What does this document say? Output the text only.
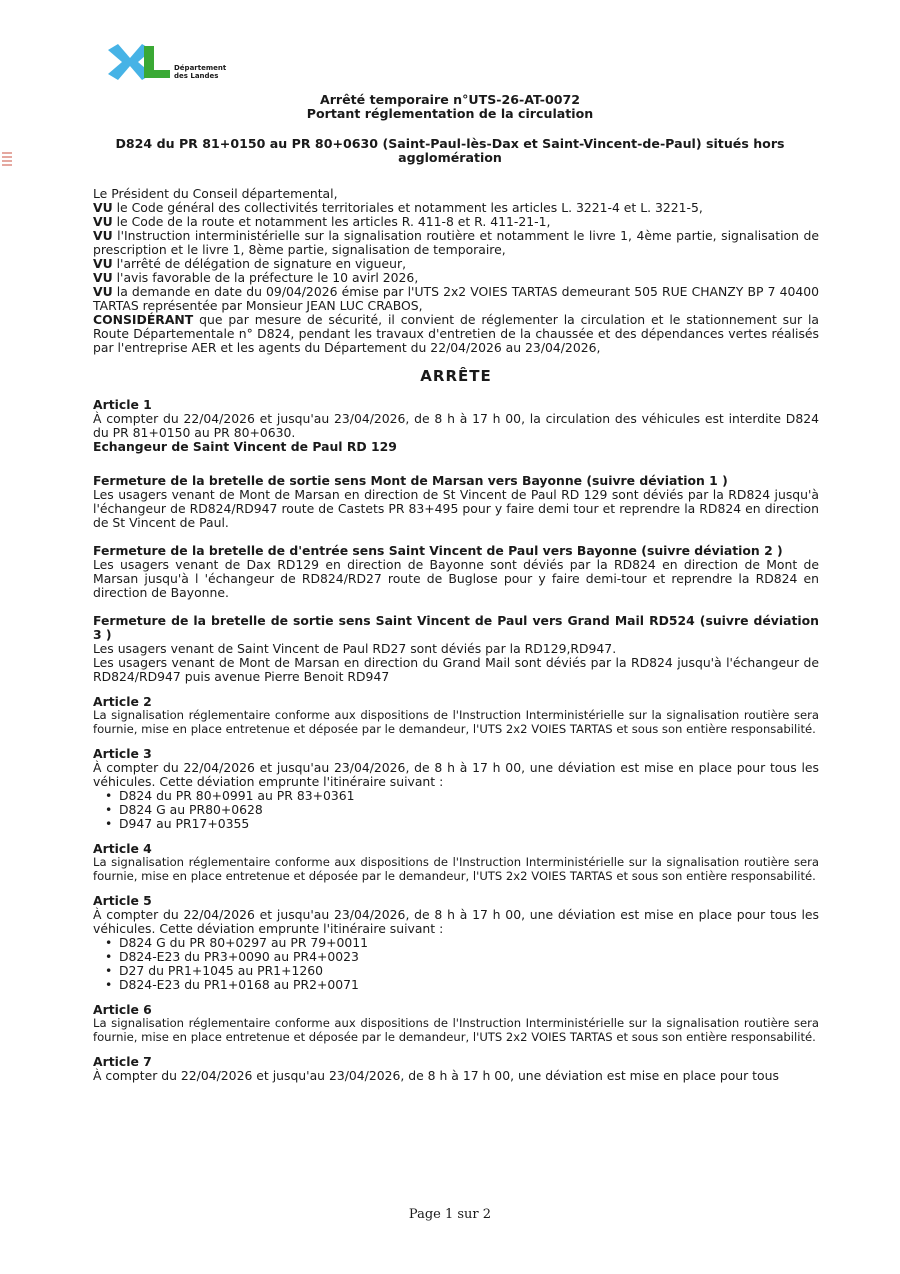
Département
des Landes
Arrêté temporaire n°UTS-26-AT-0072
Portant réglementation de la circulation
D824 du PR 81+0150 au PR 80+0630 (Saint-Paul-lès-Dax et Saint-Vincent-de-Paul) situés hors
agglomération
Le Président du Conseil départemental,
VU le Code général des collectivités territoriales et notamment les articles L. 3221-4 et L. 3221-5,
VU le Code de la route et notamment les articles R. 411-8 et R. 411-21-1,
VU l'Instruction interministérielle sur la signalisation routière et notamment le livre 1, 4ème partie, signalisation de prescription et le livre 1, 8ème partie, signalisation de temporaire,
VU l'arrêté de délégation de signature en vigueur,
VU l'avis favorable de la préfecture le 10 avirl 2026,
VU la demande en date du 09/04/2026 émise par l'UTS 2x2 VOIES TARTAS demeurant 505 RUE CHANZY BP 7 40400 TARTAS représentée par Monsieur JEAN LUC CRABOS,
CONSIDÉRANT que par mesure de sécurité, il convient de réglementer la circulation et le stationnement sur la Route Départementale n° D824, pendant les travaux d'entretien de la chaussée et des dépendances vertes réalisés par l'entreprise AER et les agents du Département du 22/04/2026 au 23/04/2026,
ARRÊTE
Article 1
À compter du 22/04/2026 et jusqu'au 23/04/2026, de 8 h à 17 h 00, la circulation des véhicules est interdite D824 du PR 81+0150 au PR 80+0630.
Echangeur de Saint Vincent de Paul RD 129
Fermeture de la bretelle de sortie sens Mont de Marsan vers Bayonne (suivre déviation 1 )
Les usagers venant de Mont de Marsan en direction de St Vincent de Paul RD 129 sont déviés par la RD824 jusqu'à l'échangeur de RD824/RD947 route de Castets PR 83+495 pour y faire demi tour et reprendre la RD824 en direction de St Vincent de Paul.
Fermeture de la bretelle de d'entrée sens Saint Vincent de Paul vers Bayonne (suivre déviation 2 )
Les usagers venant de Dax RD129 en direction de Bayonne sont déviés par la RD824 en direction de Mont de Marsan jusqu'à l 'échangeur de RD824/RD27 route de Buglose pour y faire demi-tour et reprendre la RD824 en direction de Bayonne.
Fermeture de la bretelle de sortie sens Saint Vincent de Paul vers Grand Mail RD524 (suivre déviation 3 )
Les usagers venant de Saint Vincent de Paul RD27 sont déviés par la RD129,RD947.
Les usagers venant de Mont de Marsan en direction du Grand Mail sont déviés par la RD824 jusqu'à l'échangeur de RD824/RD947 puis avenue Pierre Benoit RD947
Article 2
La signalisation réglementaire conforme aux dispositions de l'Instruction Interministérielle sur la signalisation routière sera fournie, mise en place entretenue et déposée par le demandeur, l'UTS 2x2 VOIES TARTAS et sous son entière responsabilité.
Article 3
À compter du 22/04/2026 et jusqu'au 23/04/2026, de 8 h à 17 h 00, une déviation est mise en place pour tous les véhicules. Cette déviation emprunte l'itinéraire suivant :
• D824 du PR 80+0991 au PR 83+0361
• D824 G au PR80+0628
• D947 au PR17+0355
Article 4
La signalisation réglementaire conforme aux dispositions de l'Instruction Interministérielle sur la signalisation routière sera fournie, mise en place entretenue et déposée par le demandeur, l'UTS 2x2 VOIES TARTAS et sous son entière responsabilité.
Article 5
À compter du 22/04/2026 et jusqu'au 23/04/2026, de 8 h à 17 h 00, une déviation est mise en place pour tous les véhicules. Cette déviation emprunte l'itinéraire suivant :
• D824 G du PR 80+0297 au PR 79+0011
• D824-E23 du PR3+0090 au PR4+0023
• D27 du PR1+1045 au PR1+1260
• D824-E23 du PR1+0168 au PR2+0071
Article 6
La signalisation réglementaire conforme aux dispositions de l'Instruction Interministérielle sur la signalisation routière sera fournie, mise en place entretenue et déposée par le demandeur, l'UTS 2x2 VOIES TARTAS et sous son entière responsabilité.
Article 7
À compter du 22/04/2026 et jusqu'au 23/04/2026, de 8 h à 17 h 00, une déviation est mise en place pour tous
Page 1 sur 2
